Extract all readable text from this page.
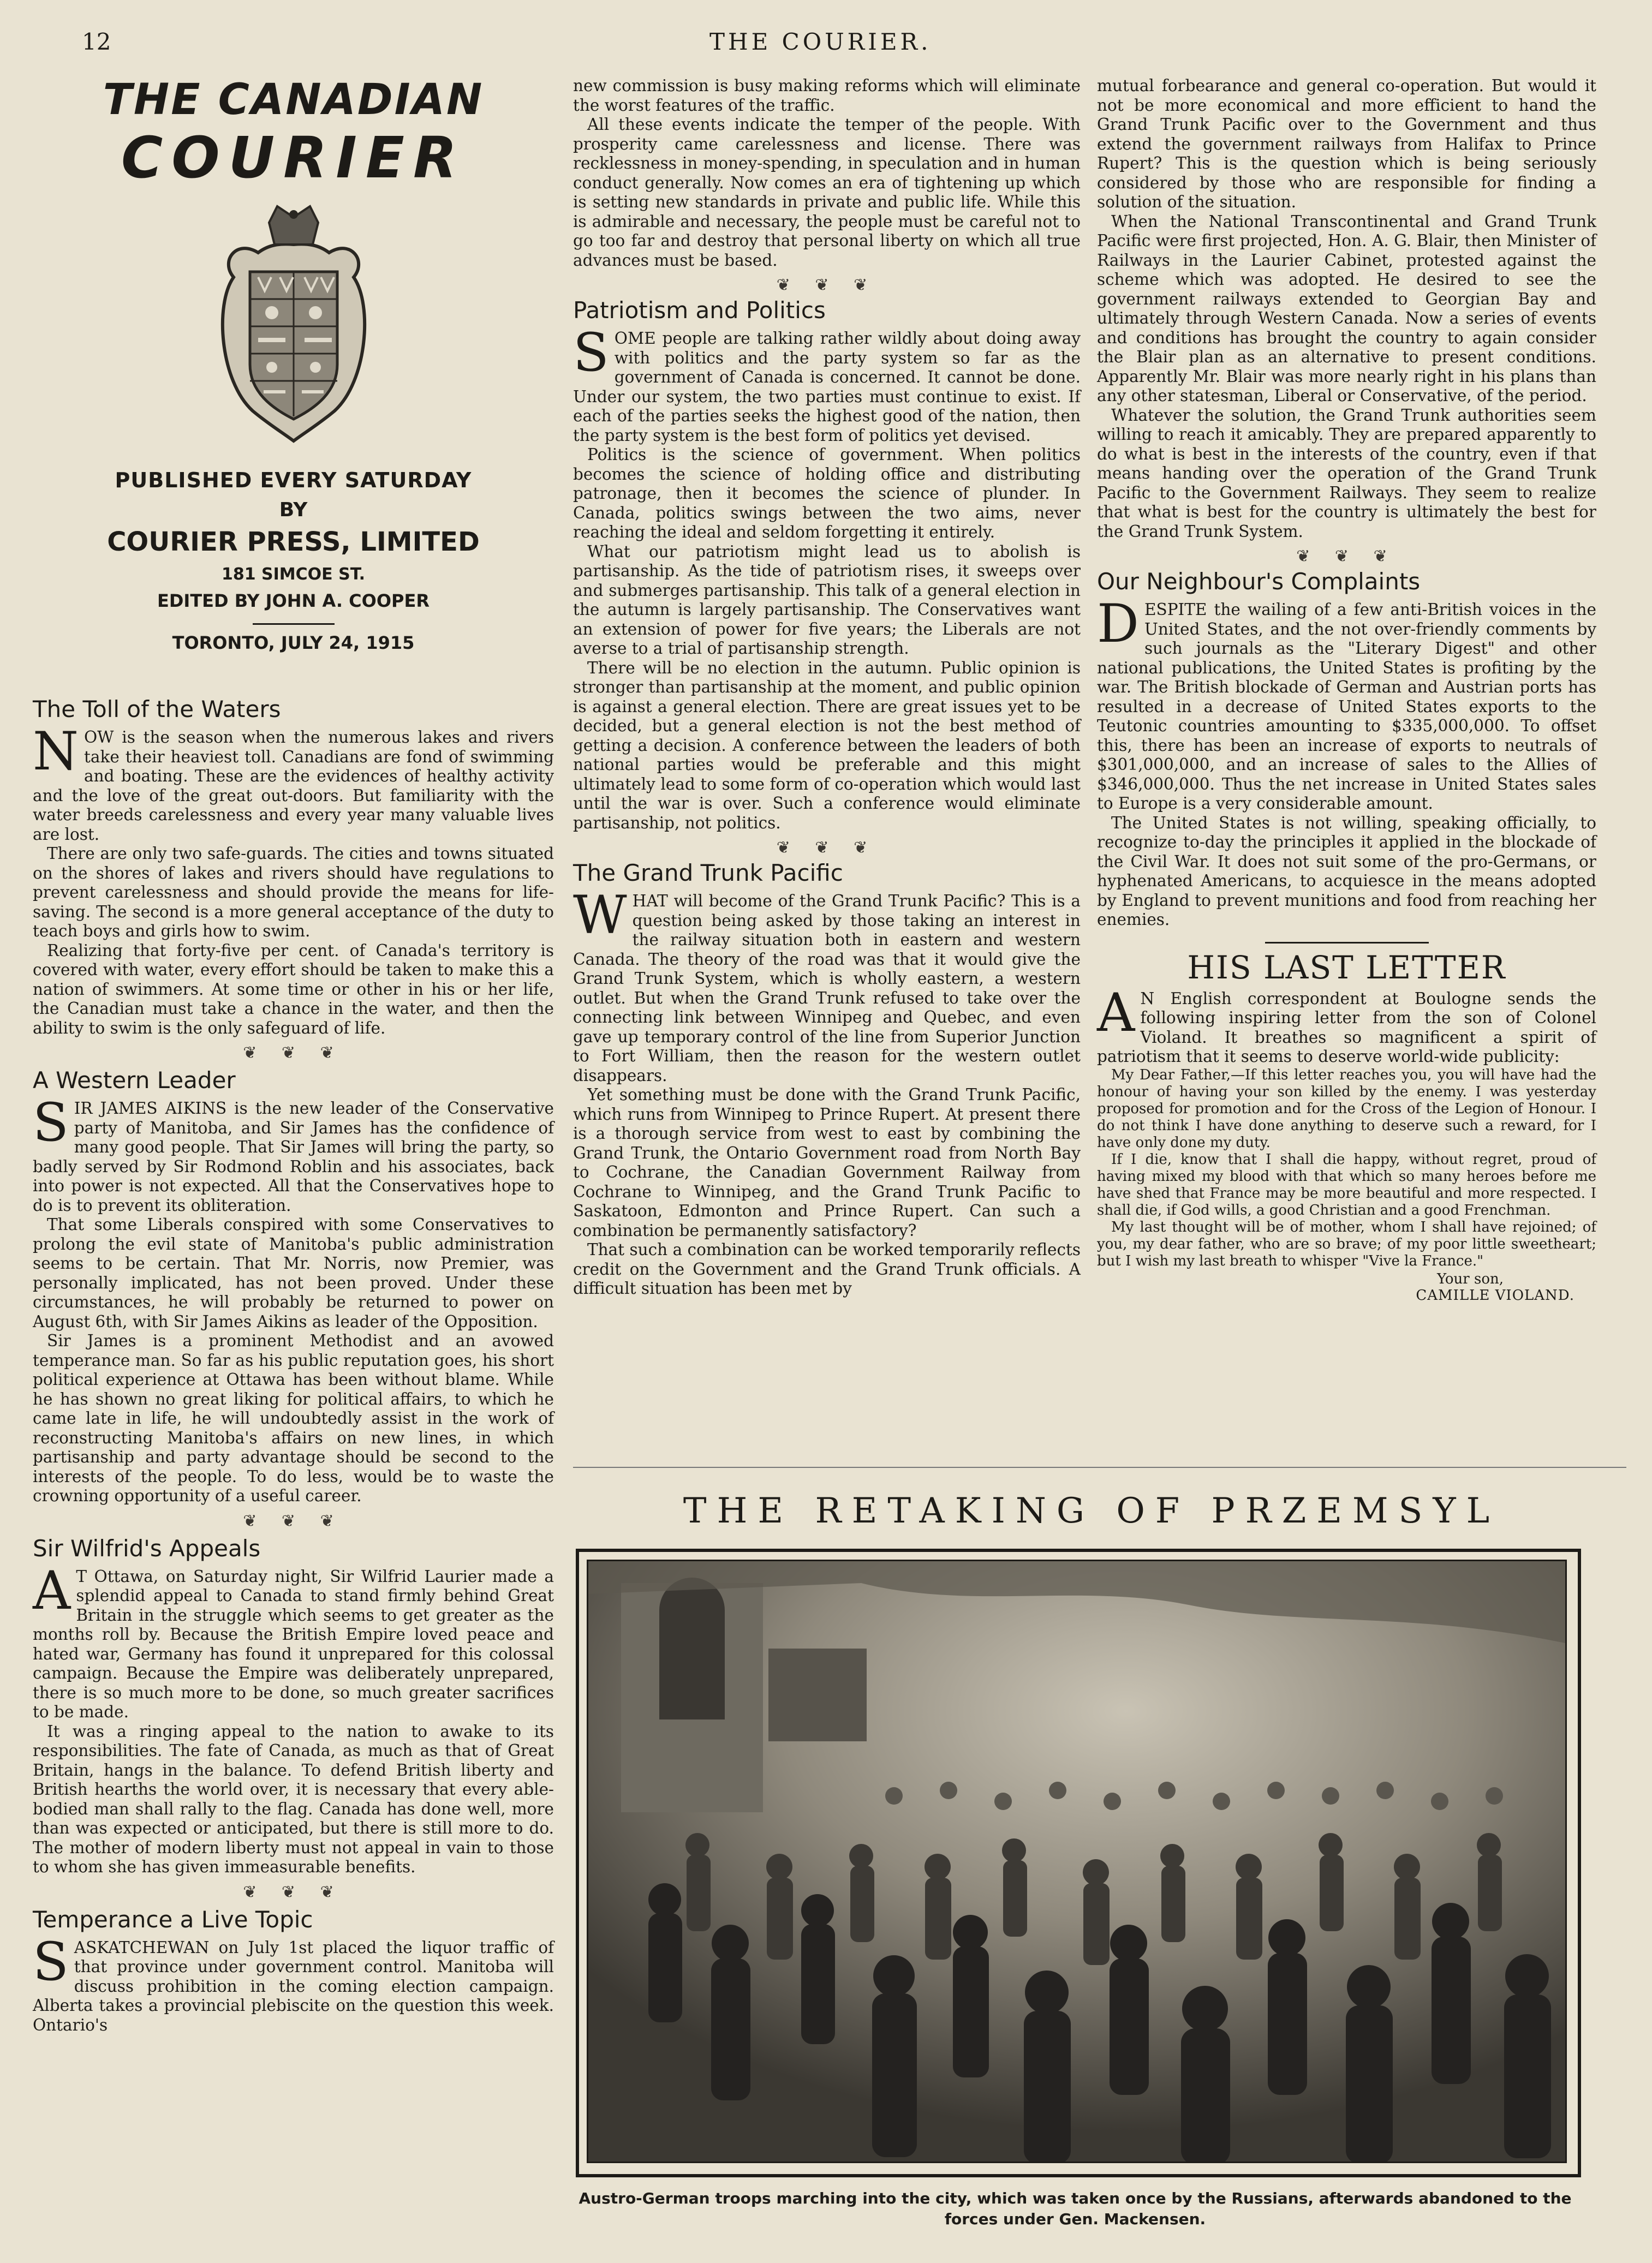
12	THE COURIER.
THE CANADIAN
COURIER
PUBLISHED EVERY SATURDAY
BY
COURIER PRESS, LIMITED
181 SIMCOE ST.
EDITED BY JOHN A. COOPER
TORONTO, JULY 24, 1915
The Toll of the Waters

NOW is the season when the numerous lakes and rivers take their heaviest toll. Canadians are fond of swimming and boating. These are the evidences of healthy activity and the love of the great out-doors. But familiarity with the water breeds carelessness and every year many valuable lives are lost.

There are only two safe-guards. The cities and towns situated on the shores of lakes and rivers should have regulations to prevent carelessness and should provide the means for life-saving. The second is a more general acceptance of the duty to teach boys and girls how to swim.

Realizing that forty-five per cent. of Canada's territory is covered with water, every effort should be taken to make this a nation of swimmers. At some time or other in his or her life, the Canadian must take a chance in the water, and then the ability to swim is the only safeguard of life.

❦ ❦ ❦
A Western Leader

SIR JAMES AIKINS is the new leader of the Conservative party of Manitoba, and Sir James has the confidence of many good people. That Sir James will bring the party, so badly served by Sir Rodmond Roblin and his associates, back into power is not expected. All that the Conservatives hope to do is to prevent its obliteration.

That some Liberals conspired with some Conservatives to prolong the evil state of Manitoba's public administration seems to be certain. That Mr. Norris, now Premier, was personally implicated, has not been proved. Under these circumstances, he will probably be returned to power on August 6th, with Sir James Aikins as leader of the Opposition.

Sir James is a prominent Methodist and an avowed temperance man. So far as his public reputation goes, his short political experience at Ottawa has been without blame. While he has shown no great liking for political affairs, to which he came late in life, he will undoubtedly assist in the work of reconstructing Manitoba's affairs on new lines, in which partisanship and party advantage should be second to the interests of the people. To do less, would be to waste the crowning opportunity of a useful career.

❦ ❦ ❦
Sir Wilfrid's Appeals

A T Ottawa, on Saturday night, Sir Wilfrid Laurier made a splendid appeal to Canada to stand firmly behind Great Britain in the struggle which seems to get greater as the months roll by. Because the British Empire loved peace and hated war, Germany has found it unprepared for this colossal campaign. Because the Empire was deliberately unprepared, there is so much more to be done, so much greater sacrifices to be made.

It was a ringing appeal to the nation to awake to its responsibilities. The fate of Canada, as much as that of Great Britain, hangs in the balance. To defend British liberty and British hearths the world over, it is necessary that every able-bodied man shall rally to the flag. Canada has done well, more than was expected or anticipated, but there is still more to do. The mother of modern liberty must not appeal in vain to those to whom she has given immeasurable benefits.

❦ ❦ ❦
Temperance a Live Topic

SASKATCHEWAN on July 1st placed the liquor traffic of that province under government control. Manitoba will discuss prohibition in the coming election campaign. Alberta takes a provincial plebiscite on the question this week. Ontario's

new commission is busy making reforms which will eliminate the worst features of the traffic.

All these events indicate the temper of the people. With prosperity came carelessness and license. There was recklessness in money-spending, in speculation and in human conduct generally. Now comes an era of tightening up which is setting new standards in private and public life. While this is admirable and necessary, the people must be careful not to go too far and destroy that personal liberty on which all true advances must be based.

❦ ❦ ❦
Patriotism and Politics

SOME people are talking rather wildly about doing away with politics and the party system so far as the government of Canada is concerned. It cannot be done. Under our system, the two parties must continue to exist. If each of the parties seeks the highest good of the nation, then the party system is the best form of politics yet devised.

Politics is the science of government. When politics becomes the science of holding office and distributing patronage, then it becomes the science of plunder. In Canada, politics swings between the two aims, never reaching the ideal and seldom forgetting it entirely.

What our patriotism might lead us to abolish is partisanship. As the tide of patriotism rises, it sweeps over and submerges partisanship. This talk of a general election in the autumn is largely partisanship. The Conservatives want an extension of power for five years; the Liberals are not averse to a trial of partisanship strength.

There will be no election in the autumn. Public opinion is stronger than partisanship at the moment, and public opinion is against a general election. There are great issues yet to be decided, but a general election is not the best method of getting a decision. A conference between the leaders of both national parties would be preferable and this might ultimately lead to some form of co-operation which would last until the war is over. Such a conference would eliminate partisanship, not politics.

❦ ❦ ❦
The Grand Trunk Pacific

WHAT will become of the Grand Trunk Pacific? This is a question being asked by those taking an interest in the railway situation both in eastern and western Canada. The theory of the road was that it would give the Grand Trunk System, which is wholly eastern, a western outlet. But when the Grand Trunk refused to take over the connecting link between Winnipeg and Quebec, and even gave up temporary control of the line from Superior Junction to Fort William, then the reason for the western outlet disappears.

Yet something must be done with the Grand Trunk Pacific, which runs from Winnipeg to Prince Rupert. At present there is a thorough service from west to east by combining the Grand Trunk, the Ontario Government road from North Bay to Cochrane, the Canadian Government Railway from Cochrane to Winnipeg, and the Grand Trunk Pacific to Saskatoon, Edmonton and Prince Rupert. Can such a combination be permanently satisfactory?

That such a combination can be worked temporarily reflects credit on the Government and the Grand Trunk officials. A difficult situation has been met by

mutual forbearance and general co-operation. But would it not be more economical and more efficient to hand the Grand Trunk Pacific over to the Government and thus extend the government railways from Halifax to Prince Rupert? This is the question which is being seriously considered by those who are responsible for finding a solution of the situation.

When the National Transcontinental and Grand Trunk Pacific were first projected, Hon. A. G. Blair, then Minister of Railways in the Laurier Cabinet, protested against the scheme which was adopted. He desired to see the government railways extended to Georgian Bay and ultimately through Western Canada. Now a series of events and conditions has brought the country to again consider the Blair plan as an alternative to present conditions. Apparently Mr. Blair was more nearly right in his plans than any other statesman, Liberal or Conservative, of the period.

Whatever the solution, the Grand Trunk authorities seem willing to reach it amicably. They are prepared apparently to do what is best in the interests of the country, even if that means handing over the operation of the Grand Trunk Pacific to the Government Railways. They seem to realize that what is best for the country is ultimately the best for the Grand Trunk System.

❦ ❦ ❦
Our Neighbour's Complaints

DESPITE the wailing of a few anti-British voices in the United States, and the not over-friendly comments by such journals as the "Literary Digest" and other national publications, the United States is profiting by the war. The British blockade of German and Austrian ports has resulted in a decrease of United States exports to the Teutonic countries amounting to $335,000,000. To offset this, there has been an increase of exports to neutrals of $301,000,000, and an increase of sales to the Allies of $346,000,000. Thus the net increase in United States sales to Europe is a very considerable amount.

The United States is not willing, speaking officially, to recognize to-day the principles it applied in the blockade of the Civil War. It does not suit some of the pro-Germans, or hyphenated Americans, to acquiesce in the means adopted by England to prevent munitions and food from reaching her enemies.

HIS LAST LETTER

A N English correspondent at Boulogne sends the following inspiring letter from the son of Colonel Violand. It breathes so magnificent a spirit of patriotism that it seems to deserve world-wide publicity:

My Dear Father,—If this letter reaches you, you will have had the honour of having your son killed by the enemy. I was yesterday proposed for promotion and for the Cross of the Legion of Honour. I do not think I have done anything to deserve such a reward, for I have only done my duty.

If I die, know that I shall die happy, without regret, proud of having mixed my blood with that which so many heroes before me have shed that France may be more beautiful and more respected. I shall die, if God wills, a good Christian and a good Frenchman.

My last thought will be of mother, whom I shall have rejoined; of you, my dear father, who are so brave; of my poor little sweetheart; but I wish my last breath to whisper "Vive la France."

Your son,
CAMILLE VIOLAND.
THE RETAKING OF PRZEMSYL
Austro-German troops marching into the city, which was taken once by the Russians, afterwards abandoned to the forces under Gen. Mackensen.
